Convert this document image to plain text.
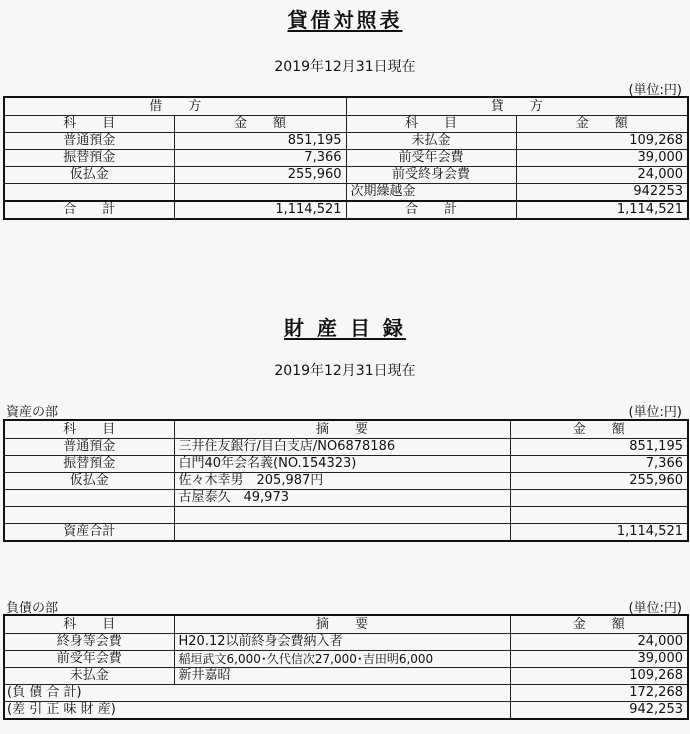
貸借対照表
2019年12月31日現在
(単位:円)
借　　方		貸　　方	
科　　目	金　　額	科　　目	金　　額
普通預金	851,195	未払金	109,268
振替預金	7,366	前受年会費	39,000
仮払金	255,960	前受終身会費	24,000
		次期繰越金	942253
合　　計	1,114,521	合　　計	1,114,521
財 産 目 録
2019年12月31日現在
資産の部	(単位:円)
科　　目	摘　　要	金　　額
普通預金	三井住友銀行/目白支店/NO6878186	851,195
振替預金	白門40年会名義(NO.154323)	7,366
仮払金	佐々木幸男　205,987円	255,960
	古屋泰久　49,973	

資産合計		1,114,521
負債の部	(単位:円)
科　　目	摘　　要	金　　額
終身等会費	H20.12以前終身会費納入者	24,000
前受年会費	稲垣武文6,000･久代信次27,000･吉田明6,000	39,000
未払金	新井嘉昭	109,268
(負 債 合 計)		172,268
(差 引 正 味 財 産)		942,253
